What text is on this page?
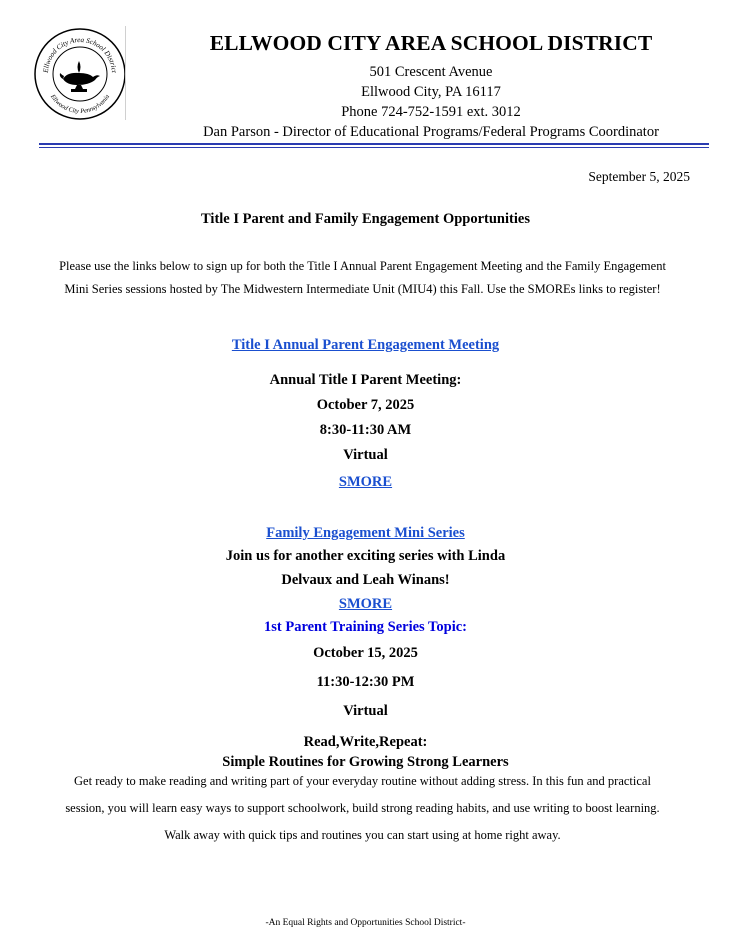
Ellwood City Area School District
Ellwood City Pennsylvania
ELLWOOD CITY AREA SCHOOL DISTRICT
501 Crescent Avenue
Ellwood City, PA 16117
Phone 724-752-1591 ext. 3012
Dan Parson - Director of Educational Programs/Federal Programs Coordinator
September 5, 2025
Title I Parent and Family Engagement Opportunities
Please use the links below to sign up for both the Title I Annual Parent Engagement Meeting and the Family Engagement
Mini Series sessions hosted by The Midwestern Intermediate Unit (MIU4) this Fall. Use the SMOREs links to register!
Title I Annual Parent Engagement Meeting
Annual Title I Parent Meeting:
October 7, 2025
8:30-11:30 AM
Virtual
SMORE
Family Engagement Mini Series
Join us for another exciting series with Linda
Delvaux and Leah Winans!
SMORE
1st Parent Training Series Topic:
October 15, 2025
11:30-12:30 PM
Virtual
Read,Write,Repeat:
Simple Routines for Growing Strong Learners
Get ready to make reading and writing part of your everyday routine without adding stress. In this fun and practical
session, you will learn easy ways to support schoolwork, build strong reading habits, and use writing to boost learning.
Walk away with quick tips and routines you can start using at home right away.
-An Equal Rights and Opportunities School District-
